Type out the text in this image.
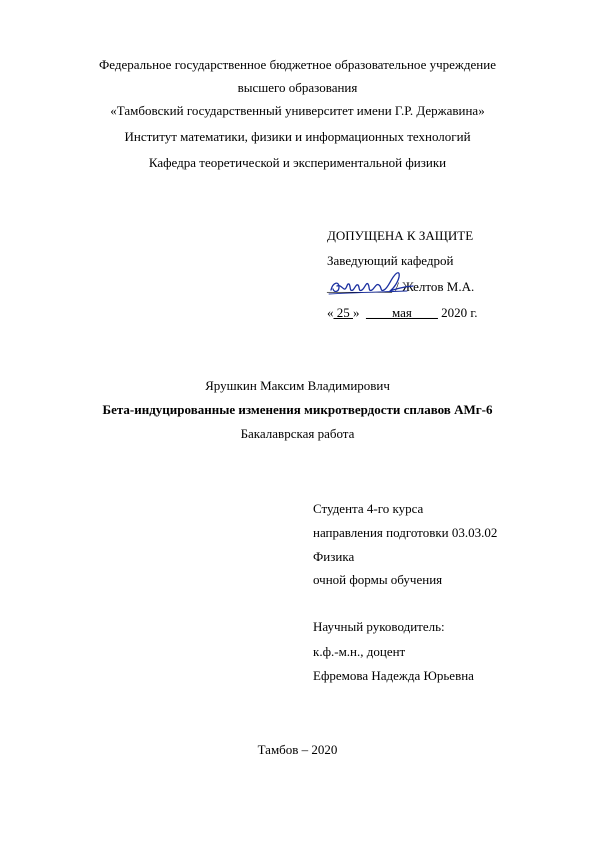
Федеральное государственное бюджетное образовательное учреждение
высшего образования
«Тамбовский государственный университет имени Г.Р. Державина»
Институт математики, физики и информационных технологий
Кафедра теоретической и экспериментальной физики
ДОПУЩЕНА К ЗАЩИТЕ
Заведующий кафедрой
__________ / Желтов М.А.
« 25 »  ____мая____ 2020 г.
Ярушкин Максим Владимирович
Бета-индуцированные изменения микротвердости сплавов АМг-6
Бакалаврская работа
Студента 4-го курса
направления подготовки 03.03.02
Физика
очной формы обучения
Научный руководитель:
к.ф.-м.н., доцент
Ефремова Надежда Юрьевна
Тамбов – 2020
